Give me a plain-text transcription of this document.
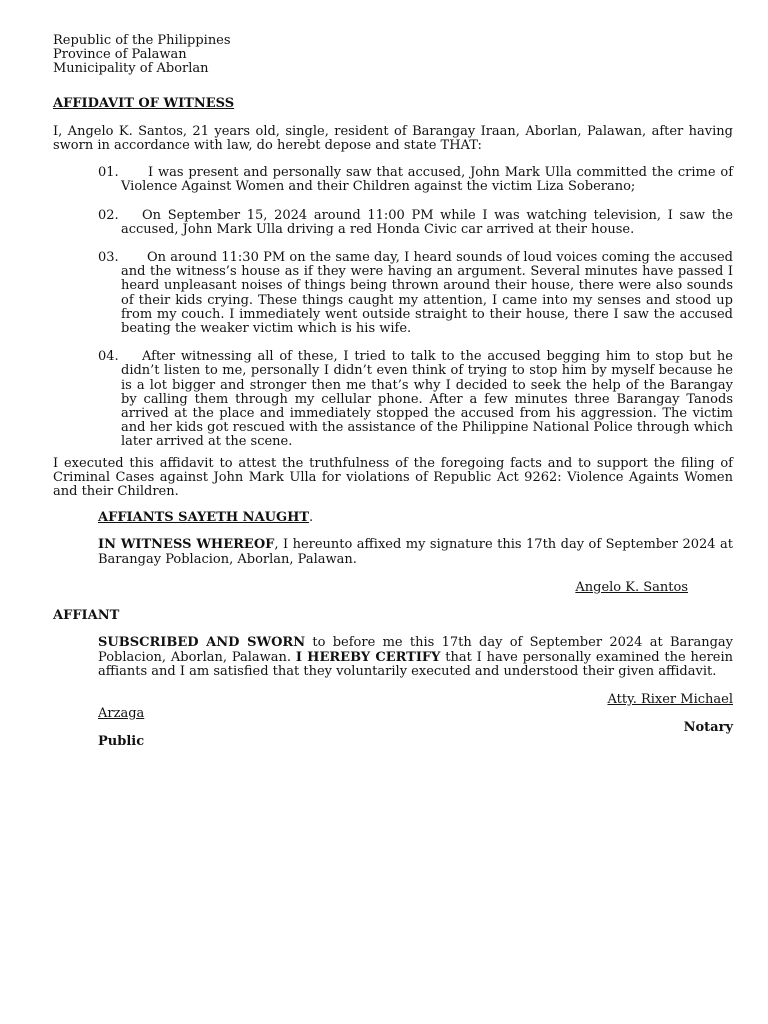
Republic of the Philippines
Province of Palawan
Municipality of Aborlan
AFFIDAVIT OF WITNESS
I, Angelo K. Santos, 21 years old, single, resident of Barangay Iraan, Aborlan, Palawan, after having sworn in accordance with law, do herebt depose and state THAT:
01. I was present and personally saw that accused, John Mark Ulla committed the crime of Violence Against Women and their Children against the victim Liza Soberano;
02. On September 15, 2024 around 11:00 PM while I was watching television, I saw the accused, John Mark Ulla driving a red Honda Civic car arrived at their house.
03. On around 11:30 PM on the same day, I heard sounds of loud voices coming the accused and the witness’s house as if they were having an argument. Several minutes have passed I heard unpleasant noises of things being thrown around their house, there were also sounds of their kids crying. These things caught my attention, I came into my senses and stood up from my couch. I immediately went outside straight to their house, there I saw the accused beating the weaker victim which is his wife.
04. After witnessing all of these, I tried to talk to the accused begging him to stop but he didn’t listen to me, personally I didn’t even think of trying to stop him by myself because he is a lot bigger and stronger then me that’s why I decided to seek the help of the Barangay by calling them through my cellular phone. After a few minutes three Barangay Tanods arrived at the place and immediately stopped the accused from his aggression. The victim and her kids got rescued with the assistance of the Philippine National Police through which later arrived at the scene.
I executed this affidavit to attest the truthfulness of the foregoing facts and to support the filing of Criminal Cases against John Mark Ulla for violations of Republic Act 9262: Violence Againts Women and their Children.
AFFIANTS SAYETH NAUGHT.
IN WITNESS WHEREOF, I hereunto affixed my signature this 17th day of September 2024 at Barangay Poblacion, Aborlan, Palawan.
Angelo K. Santos
AFFIANT
SUBSCRIBED AND SWORN to before me this 17th day of September 2024 at Barangay Poblacion, Aborlan, Palawan. I HEREBY CERTIFY that I have personally examined the herein affiants and I am satisfied that they voluntarily executed and understood their given affidavit.
Atty. Rixer Michael
Arzaga
Notary
Public
